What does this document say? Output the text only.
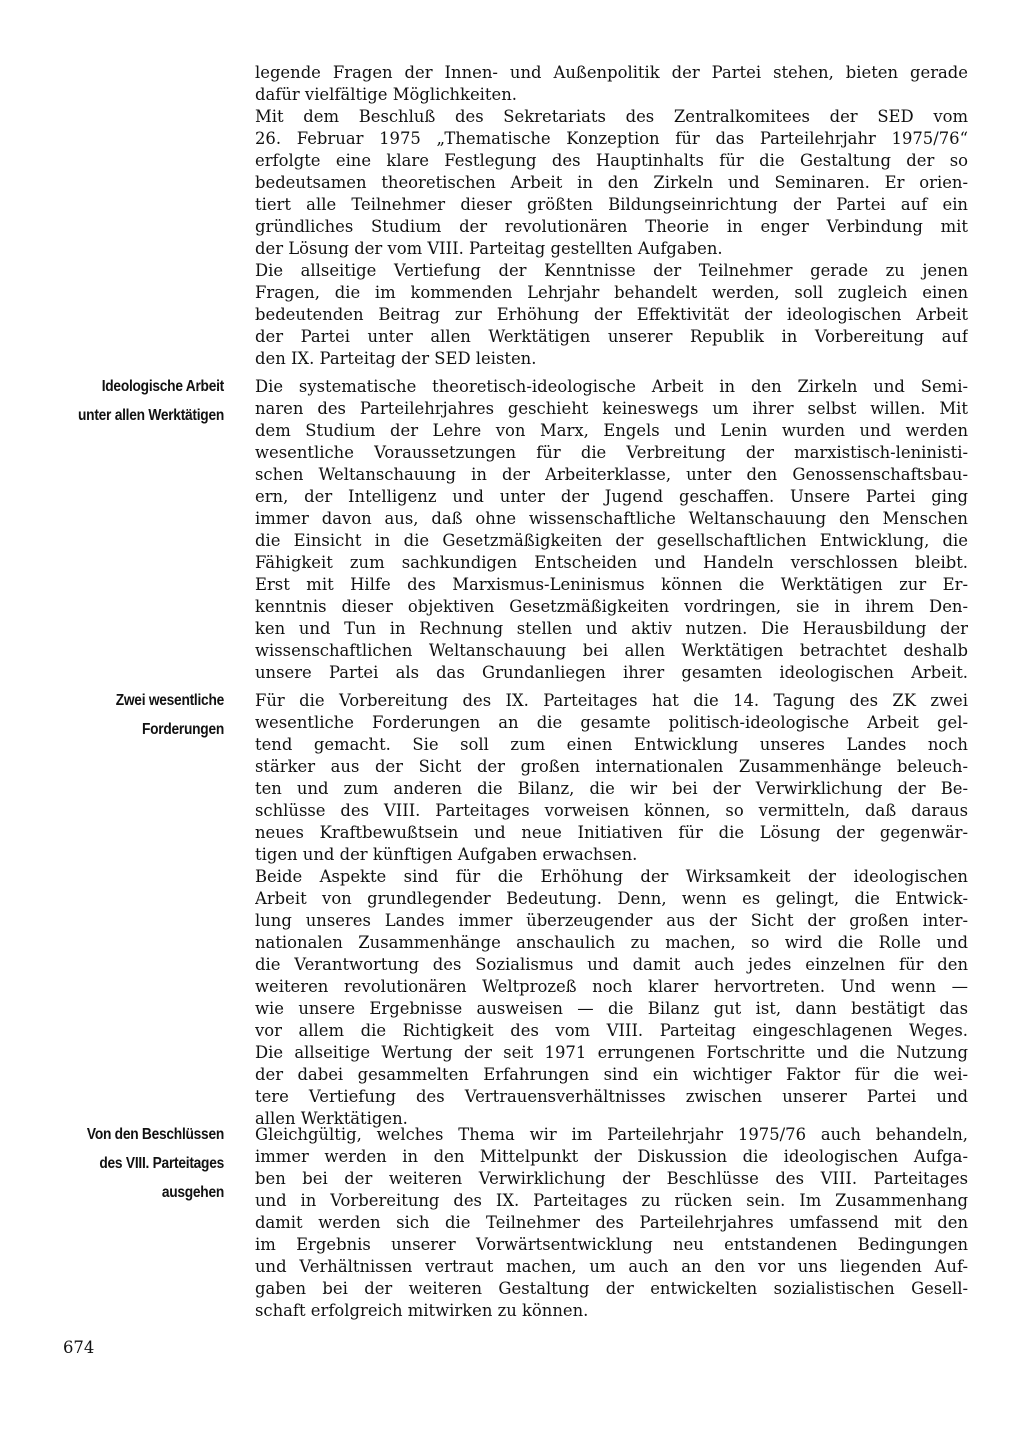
Ideologische Arbeit
unter allen Werktätigen
Zwei wesentliche
Forderungen
Von den Beschlüssen
des VIII. Parteitages
ausgehen
legende Fragen der Innen- und Außenpolitik der Partei stehen, bieten gerade
dafür vielfältige Möglichkeiten.
Mit dem Beschluß des Sekretariats des Zentralkomitees der SED vom
26. Februar 1975 „Thematische Konzeption für das Parteilehrjahr 1975/76“
erfolgte eine klare Festlegung des Hauptinhalts für die Gestaltung der so
bedeutsamen theoretischen Arbeit in den Zirkeln und Seminaren. Er orien-
tiert alle Teilnehmer dieser größten Bildungseinrichtung der Partei auf ein
gründliches Studium der revolutionären Theorie in enger Verbindung mit
der Lösung der vom VIII. Parteitag gestellten Aufgaben.
Die allseitige Vertiefung der Kenntnisse der Teilnehmer gerade zu jenen
Fragen, die im kommenden Lehrjahr behandelt werden, soll zugleich einen
bedeutenden Beitrag zur Erhöhung der Effektivität der ideologischen Arbeit
der Partei unter allen Werktätigen unserer Republik in Vorbereitung auf
den IX. Parteitag der SED leisten.
Die systematische theoretisch-ideologische Arbeit in den Zirkeln und Semi-
naren des Parteilehrjahres geschieht keineswegs um ihrer selbst willen. Mit
dem Studium der Lehre von Marx, Engels und Lenin wurden und werden
wesentliche Voraussetzungen für die Verbreitung der marxistisch-leninisti-
schen Weltanschauung in der Arbeiterklasse, unter den Genossenschaftsbau-
ern, der Intelligenz und unter der Jugend geschaffen. Unsere Partei ging
immer davon aus, daß ohne wissenschaftliche Weltanschauung den Menschen
die Einsicht in die Gesetzmäßigkeiten der gesellschaftlichen Entwicklung, die
Fähigkeit zum sachkundigen Entscheiden und Handeln verschlossen bleibt.
Erst mit Hilfe des Marxismus-Leninismus können die Werktätigen zur Er-
kenntnis dieser objektiven Gesetzmäßigkeiten vordringen, sie in ihrem Den-
ken und Tun in Rechnung stellen und aktiv nutzen. Die Herausbildung der
wissenschaftlichen Weltanschauung bei allen Werktätigen betrachtet deshalb
unsere Partei als das Grundanliegen ihrer gesamten ideologischen Arbeit.
Für die Vorbereitung des IX. Parteitages hat die 14. Tagung des ZK zwei
wesentliche Forderungen an die gesamte politisch-ideologische Arbeit gel-
tend gemacht. Sie soll zum einen Entwicklung unseres Landes noch
stärker aus der Sicht der großen internationalen Zusammenhänge beleuch-
ten und zum anderen die Bilanz, die wir bei der Verwirklichung der Be-
schlüsse des VIII. Parteitages vorweisen können, so vermitteln, daß daraus
neues Kraftbewußtsein und neue Initiativen für die Lösung der gegenwär-
tigen und der künftigen Aufgaben erwachsen.
Beide Aspekte sind für die Erhöhung der Wirksamkeit der ideologischen
Arbeit von grundlegender Bedeutung. Denn, wenn es gelingt, die Entwick-
lung unseres Landes immer überzeugender aus der Sicht der großen inter-
nationalen Zusammenhänge anschaulich zu machen, so wird die Rolle und
die Verantwortung des Sozialismus und damit auch jedes einzelnen für den
weiteren revolutionären Weltprozeß noch klarer hervortreten. Und wenn —
wie unsere Ergebnisse ausweisen — die Bilanz gut ist, dann bestätigt das
vor allem die Richtigkeit des vom VIII. Parteitag eingeschlagenen Weges.
Die allseitige Wertung der seit 1971 errungenen Fortschritte und die Nutzung
der dabei gesammelten Erfahrungen sind ein wichtiger Faktor für die wei-
tere Vertiefung des Vertrauensverhältnisses zwischen unserer Partei und
allen Werktätigen.
Gleichgültig, welches Thema wir im Parteilehrjahr 1975/76 auch behandeln,
immer werden in den Mittelpunkt der Diskussion die ideologischen Aufga-
ben bei der weiteren Verwirklichung der Beschlüsse des VIII. Parteitages
und in Vorbereitung des IX. Parteitages zu rücken sein. Im Zusammenhang
damit werden sich die Teilnehmer des Parteilehrjahres umfassend mit den
im Ergebnis unserer Vorwärtsentwicklung neu entstandenen Bedingungen
und Verhältnissen vertraut machen, um auch an den vor uns liegenden Auf-
gaben bei der weiteren Gestaltung der entwickelten sozialistischen Gesell-
schaft erfolgreich mitwirken zu können.
674
